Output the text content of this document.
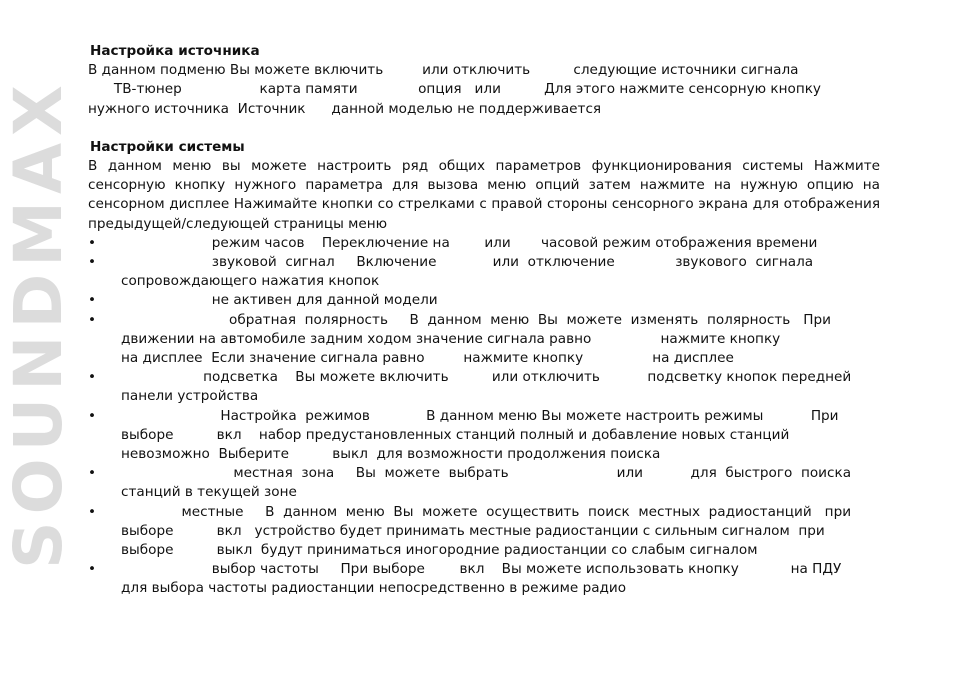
SOUNDMAX
Настройка источника
В данном подменю Вы можете включить         или отключить          следующие источники сигнала
ТВ-тюнер                  карта памяти              опция   или          Для этого нажмите сенсорную кнопку
нужного источника  Источник      данной моделью не поддерживается
Настройки системы

В данном меню вы можете настроить ряд общих параметров функционирования системы Нажмите сенсорную кнопку нужного параметра для вызова меню опций затем нажмите на нужную опцию на сенсорном дисплее Нажимайте кнопки со стрелками с правой стороны сенсорного экрана для отображения предыдущей/следующей страницы меню

• режим часов    Переключение на        или       часовой режим отображения времени
• звуковой  сигнал     Включение             или  отключение              звукового  сигнала
сопровождающего нажатия кнопок
• не активен для данной модели
• обратная  полярность     В  данном  меню  Вы  можете  изменять  полярность   При
движении на автомобиле задним ходом значение сигнала равно                нажмите кнопку
на дисплее  Если значение сигнала равно         нажмите кнопку                на дисплее
• подсветка    Вы можете включить          или отключить           подсветку кнопок передней
панели устройства
• Настройка  режимов             В данном меню Вы можете настроить режимы           При
выборе          вкл    набор предустановленных станций полный и добавление новых станций
невозможно  Выберите          выкл  для возможности продолжения поиска
• местная  зона     Вы  можете  выбрать                         или           для  быстрого  поиска
станций в текущей зоне
• местные     В  данном  меню  Вы  можете  осуществить  поиск  местных  радиостанций   при
выборе          вкл   устройство будет принимать местные радиостанции с сильным сигналом  при
выборе          выкл  будут приниматься иногородние радиостанции со слабым сигналом
• выбор частоты     При выборе        вкл    Вы можете использовать кнопку            на ПДУ
для выбора частоты радиостанции непосредственно в режиме радио
